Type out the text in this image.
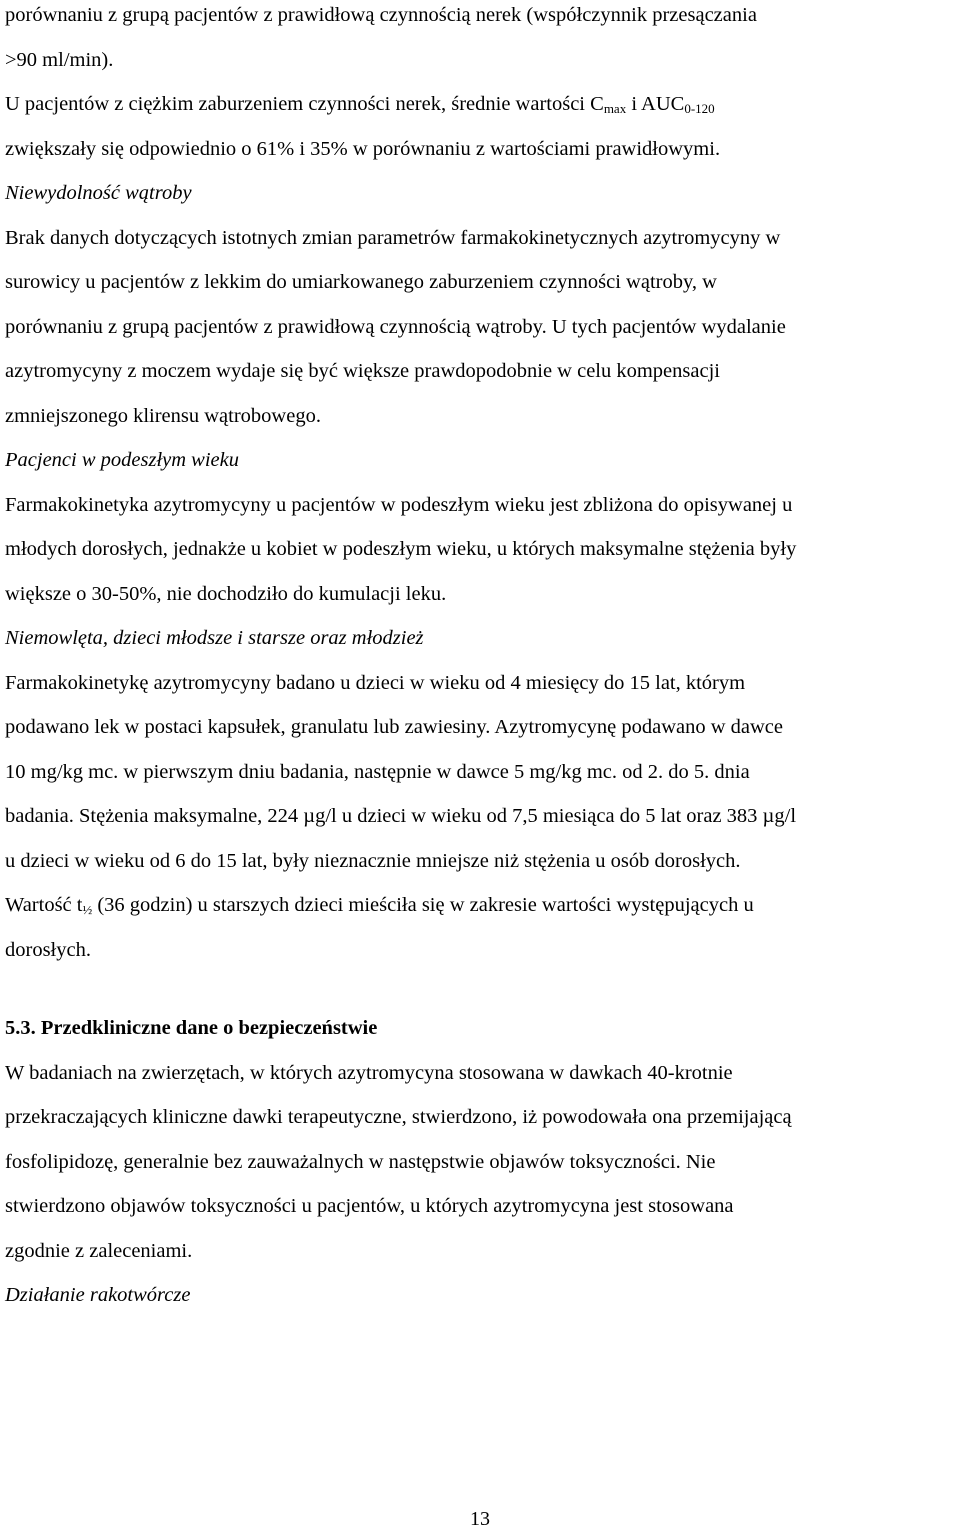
porównaniu z grupą pacjentów z prawidłową czynnością nerek (współczynnik przesączania
>90 ml/min).
U pacjentów z ciężkim zaburzeniem czynności nerek, średnie wartości $C_{max}$ i $AUC_{0-120}$
zwiększały się odpowiednio o 61% i 35% w porównaniu z wartościami prawidłowymi.
Niewydolność wątroby
Brak danych dotyczących istotnych zmian parametrów farmakokinetycznych azytromycyny w
surowicy u pacjentów z lekkim do umiarkowanego zaburzeniem czynności wątroby, w
porównaniu z grupą pacjentów z prawidłową czynnością wątroby. U tych pacjentów wydalanie
azytromycyny z moczem wydaje się być większe prawdopodobnie w celu kompensacji
zmniejszonego klirensu wątrobowego.
Pacjenci w podeszłym wieku
Farmakokinetyka azytromycyny u pacjentów w podeszłym wieku jest zbliżona do opisywanej u
młodych dorosłych, jednakże u kobiet w podeszłym wieku, u których maksymalne stężenia były
większe o 30-50%, nie dochodziło do kumulacji leku.
Niemowlęta, dzieci młodsze i starsze oraz młodzież
Farmakokinetykę azytromycyny badano u dzieci w wieku od 4 miesięcy do 15 lat, którym
podawano lek w postaci kapsułek, granulatu lub zawiesiny. Azytromycynę podawano w dawce
10 mg/kg mc. w pierwszym dniu badania, następnie w dawce 5 mg/kg mc. od 2. do 5. dnia
badania. Stężenia maksymalne, 224 µg/l u dzieci w wieku od 7,5 miesiąca do 5 lat oraz 383 µg/l
u dzieci w wieku od 6 do 15 lat, były nieznacznie mniejsze niż stężenia u osób dorosłych.
Wartość $t_{\frac{1}{2}}$ (36 godzin) u starszych dzieci mieściła się w zakresie wartości występujących u
dorosłych.
5.3. Przedkliniczne dane o bezpieczeństwie
W badaniach na zwierzętach, w których azytromycyna stosowana w dawkach 40-krotnie
przekraczających kliniczne dawki terapeutyczne, stwierdzono, iż powodowała ona przemijającą
fosfolipidozę, generalnie bez zauważalnych w następstwie objawów toksyczności. Nie
stwierdzono objawów toksyczności u pacjentów, u których azytromycyna jest stosowana
zgodnie z zaleceniami.
Działanie rakotwórcze
13
